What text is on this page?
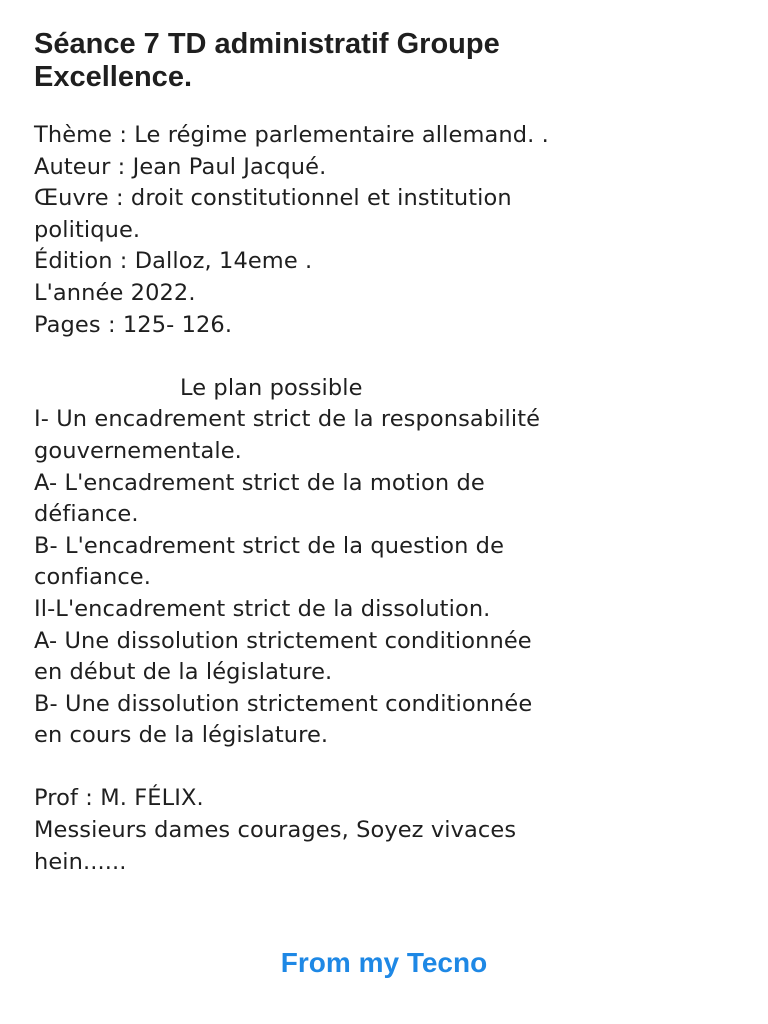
Séance 7 TD administratif Groupe
Excellence.
Thème : Le régime parlementaire allemand. .
Auteur : Jean Paul Jacqué.
Œuvre : droit constitutionnel et institution
politique.
Édition : Dalloz, 14eme .
L'année 2022.
Pages : 125- 126.
Le plan possible
I- Un encadrement strict de la responsabilité
gouvernementale.
A- L'encadrement strict de la motion de
défiance.
B- L'encadrement strict de la question de
confiance.
Il-L'encadrement strict de la dissolution.
A- Une dissolution strictement conditionnée
en début de la législature.
B- Une dissolution strictement conditionnée
en cours de la législature.
Prof : M. FÉLIX.
Messieurs dames courages, Soyez vivaces
hein......
From my Tecno
